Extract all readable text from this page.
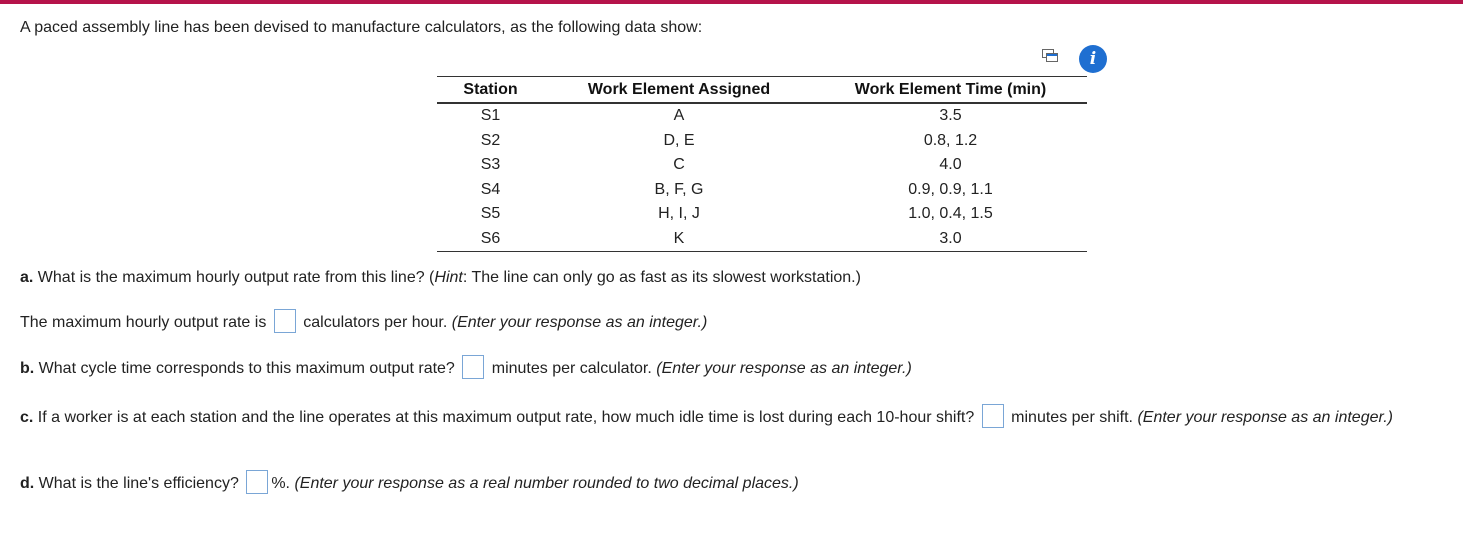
A paced assembly line has been devised to manufacture calculators, as the following data show:
i
Station	Work Element Assigned	Work Element Time (min)
S1	A	3.5
S2	D, E	0.8, 1.2
S3	C	4.0
S4	B, F, G	0.9, 0.9, 1.1
S5	H, I, J	1.0, 0.4, 1.5
S6	K	3.0
a. What is the maximum hourly output rate from this line? (Hint: The line can only go as fast as its slowest workstation.)
The maximum hourly output rate is calculators per hour. (Enter your response as an integer.)
b. What cycle time corresponds to this maximum output rate? minutes per calculator. (Enter your response as an integer.)
c. If a worker is at each station and the line operates at this maximum output rate, how much idle time is lost during each 10-hour shift? minutes per shift. (Enter your response as an integer.)
d. What is the line's efficiency? %. (Enter your response as a real number rounded to two decimal places.)
